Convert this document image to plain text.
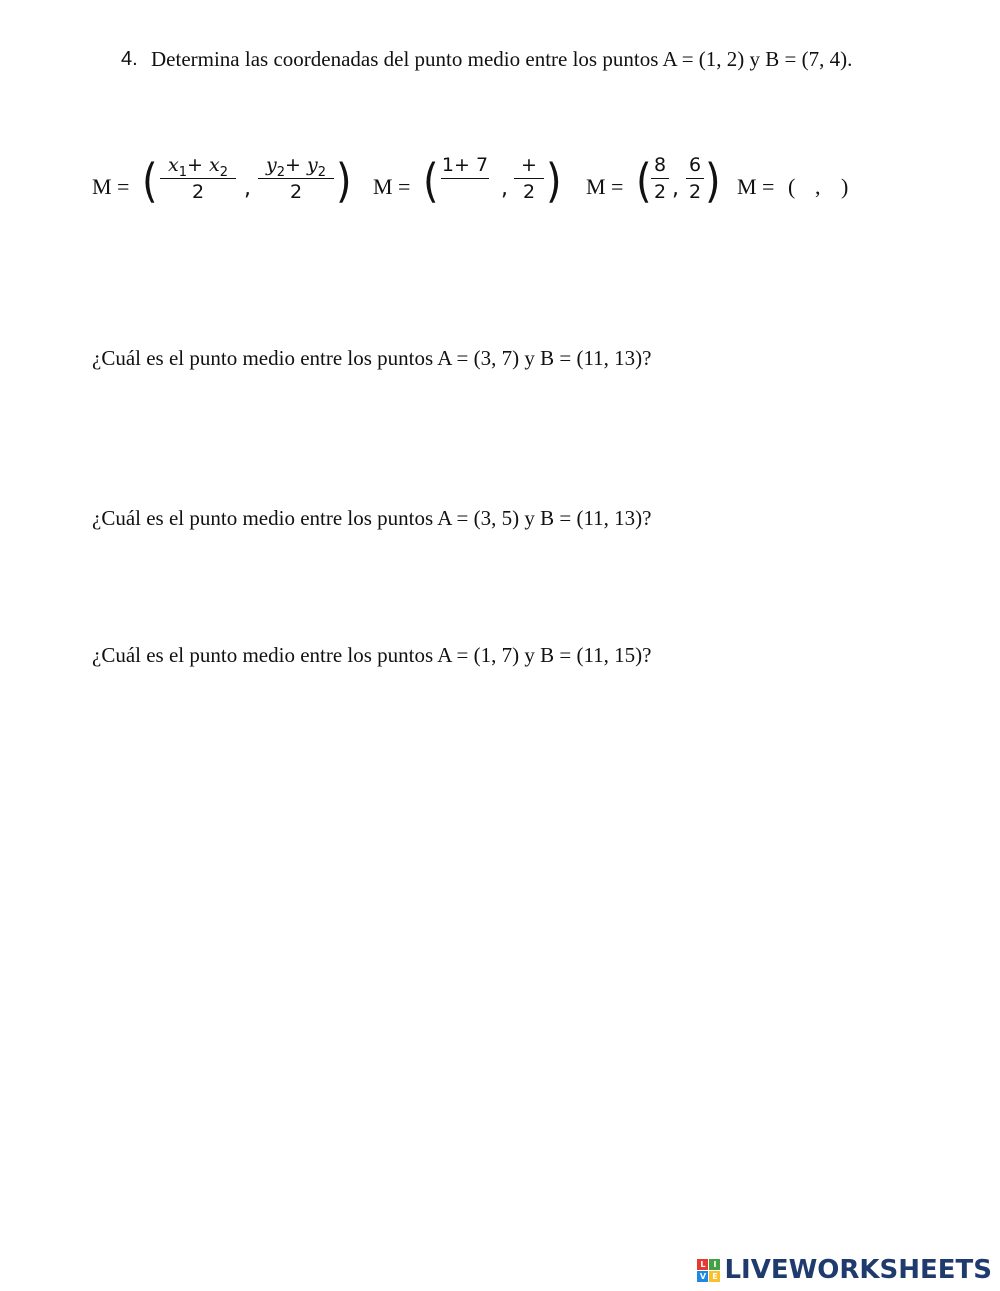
4. Determina las coordenadas del punto medio entre los puntos A = (1, 2) y B = (7, 4).
M = ( $x_1+ x_2$
2	,
$y_2+ y_2$
2 ) M = ( 1+ 7
,
+
2 ) M = ( 8
2 ,
6
2 ) M = ( , )
¿Cuál es el punto medio entre los puntos A = (3, 7) y B = (11, 13)?
¿Cuál es el punto medio entre los puntos A = (3, 5) y B = (11, 13)?
¿Cuál es el punto medio entre los puntos A = (1, 7) y B = (11, 15)?
L I
V E LIVEWORKSHEETS
